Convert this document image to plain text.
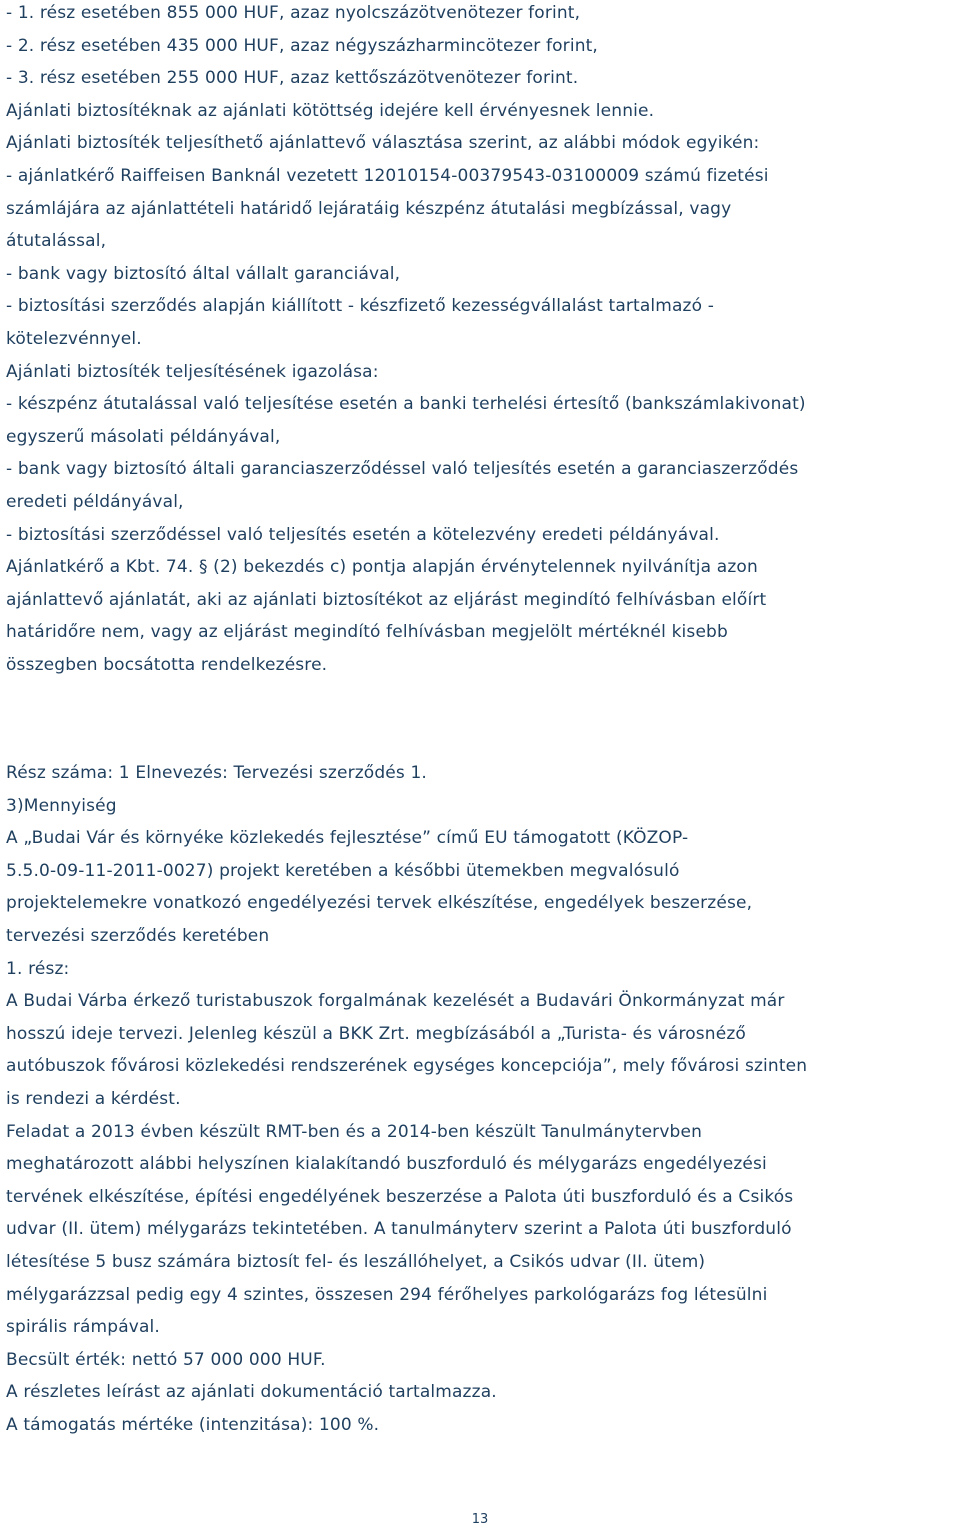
- 1. rész esetében 855 000 HUF, azaz nyolcszázötvenötezer forint,
- 2. rész esetében 435 000 HUF, azaz négyszázharmincötezer forint,
- 3. rész esetében 255 000 HUF, azaz kettőszázötvenötezer forint.
Ajánlati biztosítéknak az ajánlati kötöttség idejére kell érvényesnek lennie.
Ajánlati biztosíték teljesíthető ajánlattevő választása szerint, az alábbi módok egyikén:
- ajánlatkérő Raiffeisen Banknál vezetett 12010154-00379543-03100009 számú fizetési
számlájára az ajánlattételi határidő lejáratáig készpénz átutalási megbízással, vagy
átutalással,
- bank vagy biztosító által vállalt garanciával,
- biztosítási szerződés alapján kiállított - készfizető kezességvállalást tartalmazó -
kötelezvénnyel.
Ajánlati biztosíték teljesítésének igazolása:
- készpénz átutalással való teljesítése esetén a banki terhelési értesítő (bankszámlakivonat)
egyszerű másolati példányával,
- bank vagy biztosító általi garanciaszerződéssel való teljesítés esetén a garanciaszerződés
eredeti példányával,
- biztosítási szerződéssel való teljesítés esetén a kötelezvény eredeti példányával.
Ajánlatkérő a Kbt. 74. § (2) bekezdés c) pontja alapján érvénytelennek nyilvánítja azon
ajánlattevő ajánlatát, aki az ajánlati biztosítékot az eljárást megindító felhívásban előírt
határidőre nem, vagy az eljárást megindító felhívásban megjelölt mértéknél kisebb
összegben bocsátotta rendelkezésre.
Rész száma: 1 Elnevezés: Tervezési szerződés 1.
3)Mennyiség
A „Budai Vár és környéke közlekedés fejlesztése” című EU támogatott (KÖZOP-
5.5.0-09-11-2011-0027) projekt keretében a későbbi ütemekben megvalósuló
projektelemekre vonatkozó engedélyezési tervek elkészítése, engedélyek beszerzése,
tervezési szerződés keretében
1. rész:
A Budai Várba érkező turistabuszok forgalmának kezelését a Budavári Önkormányzat már
hosszú ideje tervezi. Jelenleg készül a BKK Zrt. megbízásából a „Turista- és városnéző
autóbuszok fővárosi közlekedési rendszerének egységes koncepciója”, mely fővárosi szinten
is rendezi a kérdést.
Feladat a 2013 évben készült RMT-ben és a 2014-ben készült Tanulmánytervben
meghatározott alábbi helyszínen kialakítandó buszforduló és mélygarázs engedélyezési
tervének elkészítése, építési engedélyének beszerzése a Palota úti buszforduló és a Csikós
udvar (II. ütem) mélygarázs tekintetében. A tanulmányterv szerint a Palota úti buszforduló
létesítése 5 busz számára biztosít fel- és leszállóhelyet, a Csikós udvar (II. ütem)
mélygarázzsal pedig egy 4 szintes, összesen 294 férőhelyes parkológarázs fog létesülni
spirális rámpával.
Becsült érték: nettó 57 000 000 HUF.
A részletes leírást az ajánlati dokumentáció tartalmazza.
A támogatás mértéke (intenzitása): 100 %.
13
